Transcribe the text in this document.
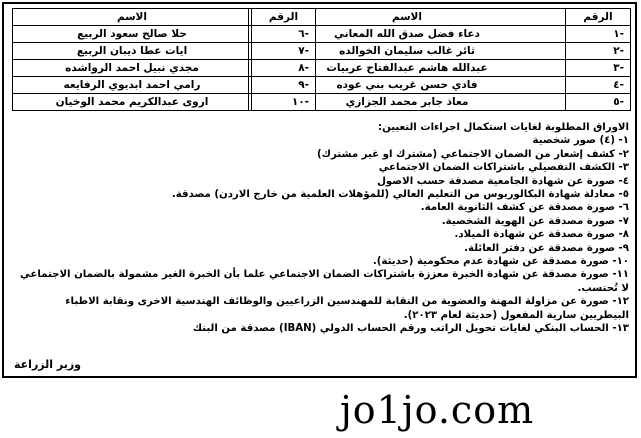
الرقم	الاسم
-١	دعاء فضل صدق الله المعاني
-٢	ثائر غالب سليمان الخوالده
-٣	عبدالله هاشم عبدالفتاح عربيات
-٤	فادي حسن غريب بني عوده
-٥	معاذ جابر محمد الجزازي
الرقم	الاسم
-٦	حلا صالح سعود الربيع
-٧	ايات عطا ذيبان الربيع
-٨	مجدي نبيل احمد الرواشده
-٩	رامي احمد ابديوي الرفايعه
-١٠	اروى عبدالكريم محمد الوخيان

الاوراق المطلوبة لغايات استكمال اجراءات التعيين:

١- (٤) صور شخصية
٢- كشف إشعار من الضمان الاجتماعي (مشترك او غير مشترك)
٣- الكشف التفصيلي باشتراكات الضمان الاجتماعي
٤- صورة عن شهادة الجامعية مصدقة حسب الاصول
٥- معادلة شهادة البكالوريوس من التعليم العالي (للمؤهلات العلمية من خارج الاردن) مصدقة.
٦- صورة مصدقة عن كشف الثانوية العامة.
٧- صورة مصدقة عن الهوية الشخصية.
٨- صورة مصدقة عن شهادة الميلاد.
٩- صورة مصدقة عن دفتر العائلة.
١٠- صورة مصدقة عن شهادة عدم محكومية (حديثة).
١١- صورة مصدقة عن شهادة الخبرة معززة باشتراكات الضمان الاجتماعي علما بأن الخبرة الغير مشمولة بالضمان الاجتماعي لا تُحتسب.
١٢- صورة عن مزاولة المهنة والعضوية من النقابة للمهندسين الزراعيين والوظائف الهندسية الاخرى ونقابة الاطباء البيطريين سارية المفعول (حديثة لعام ٢٠٢٣).
١٣- الحساب البنكي لغايات تحويل الراتب ورقم الحساب الدولي (IBAN) مصدقة من البنك
وزير الزراعة
jo1jo.com
